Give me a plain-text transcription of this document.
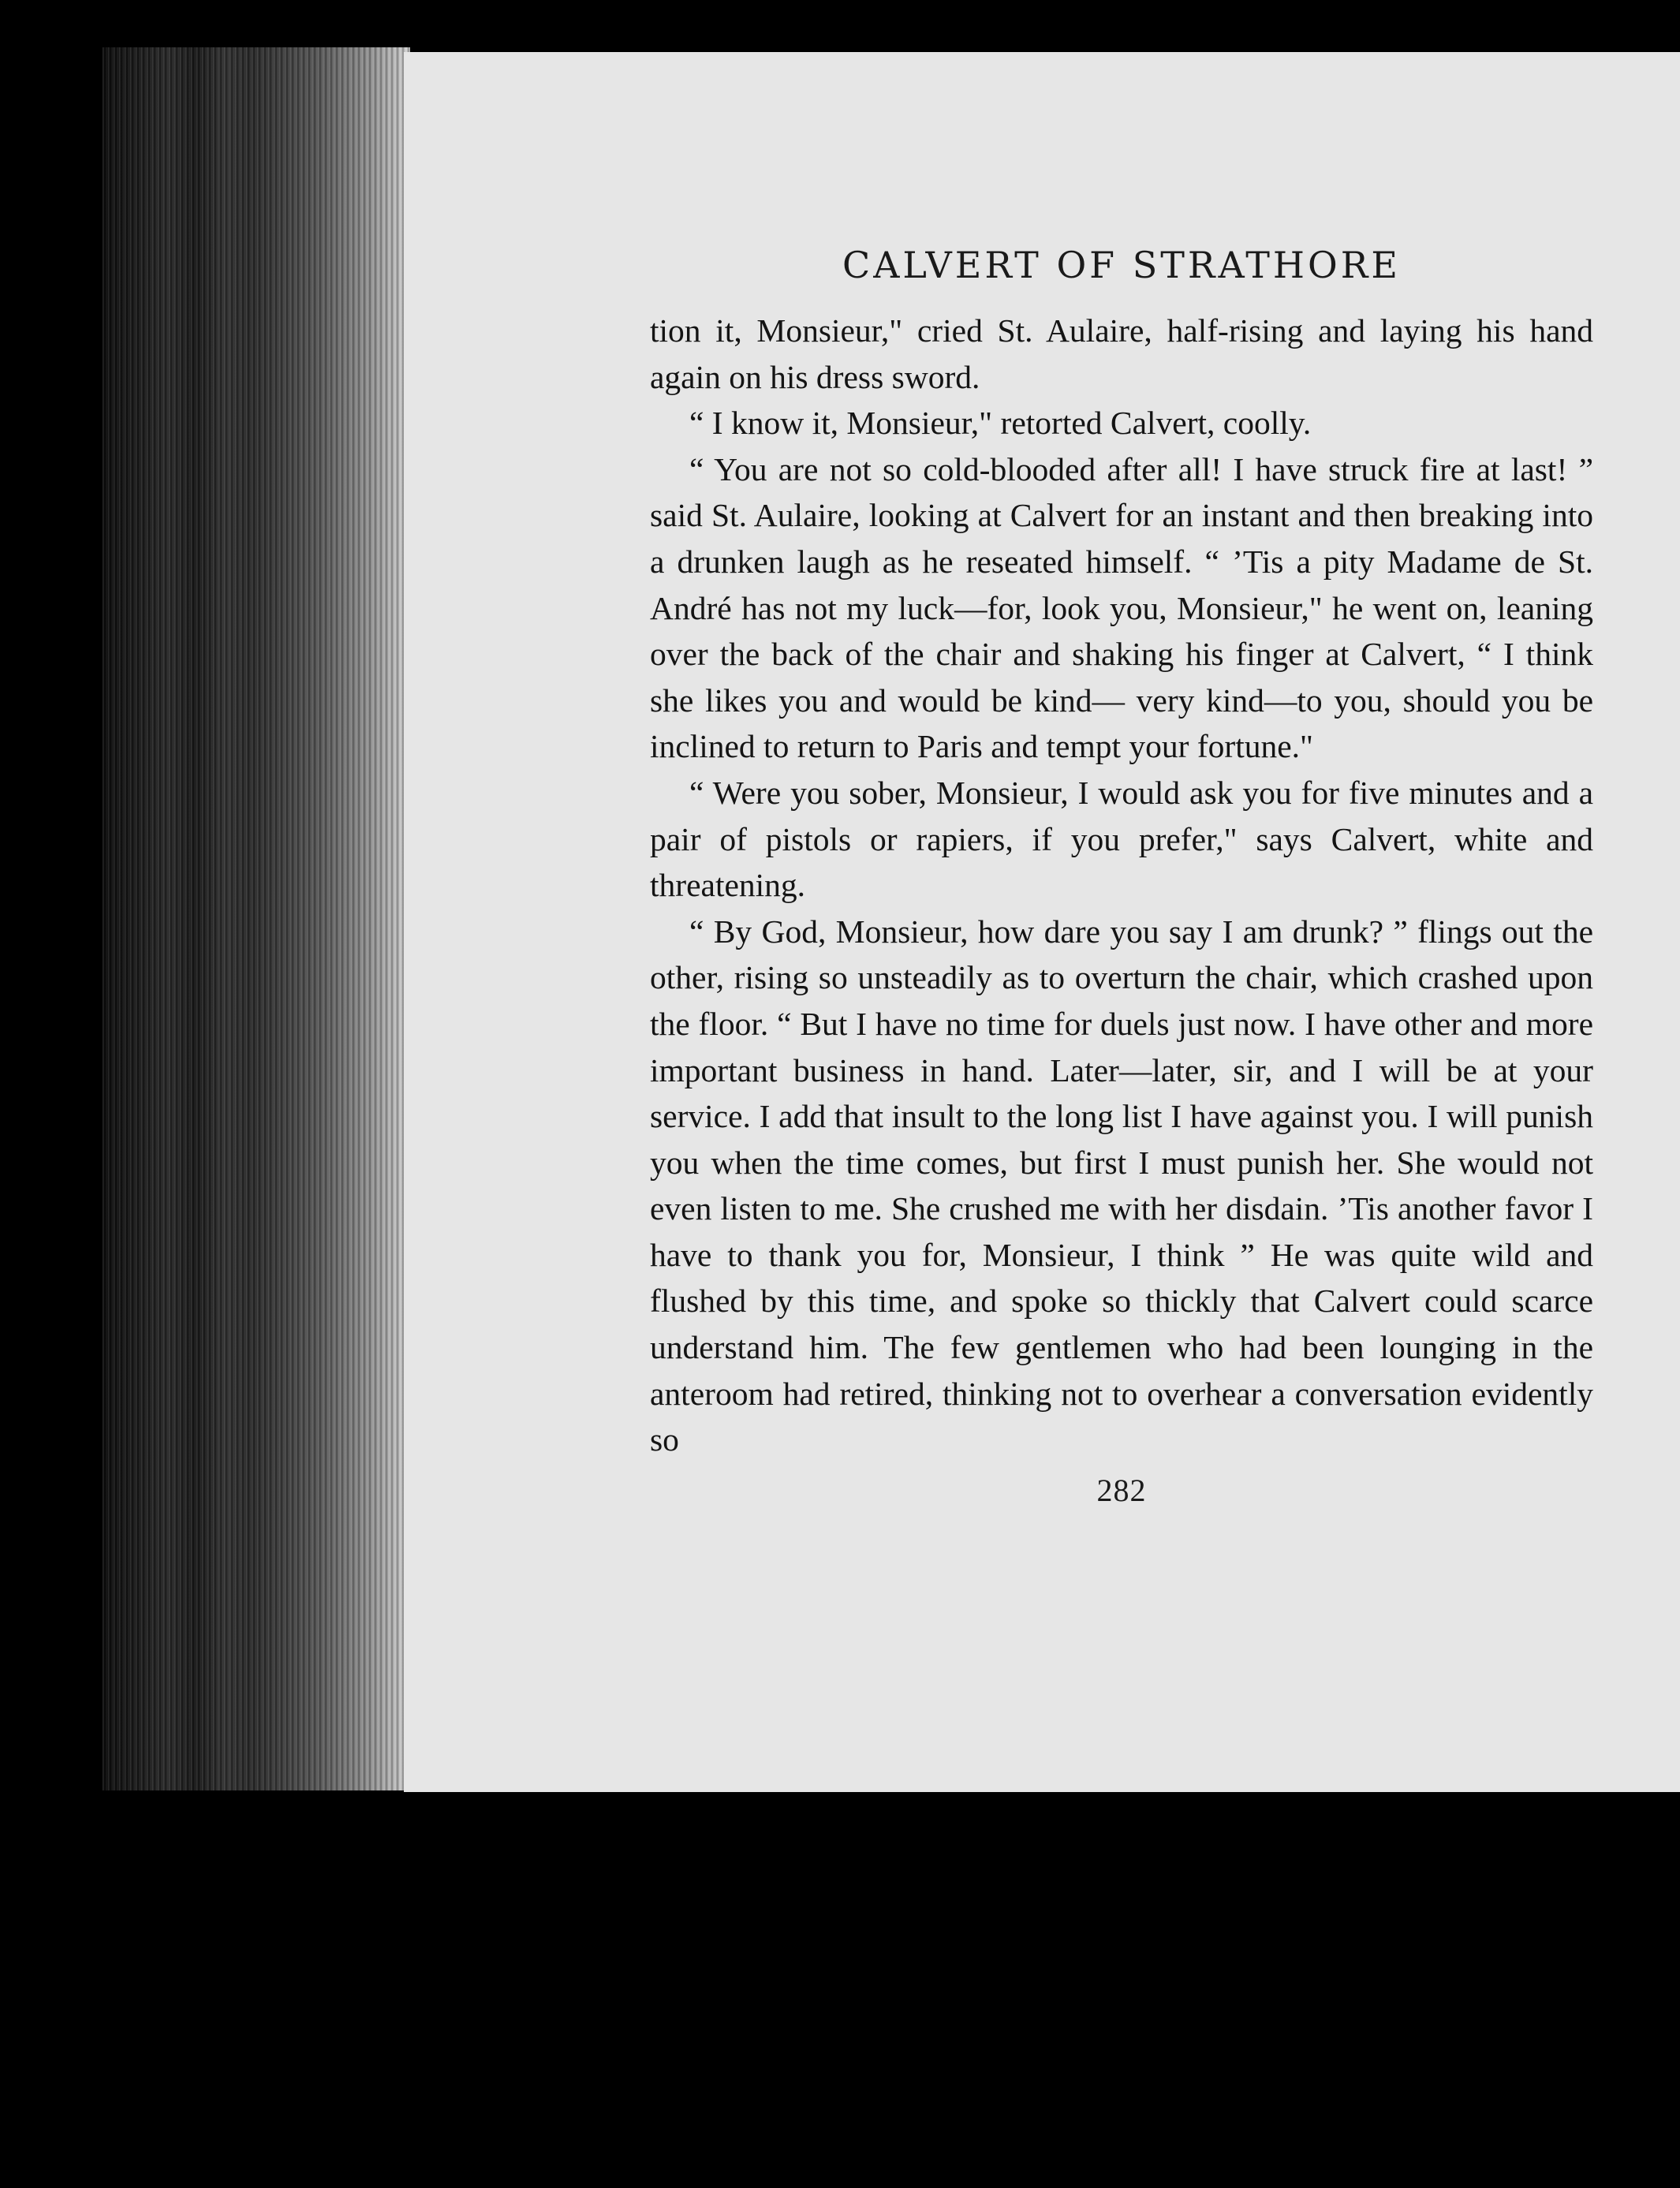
CALVERT OF STRATHORE

tion it, Monsieur," cried St. Aulaire, half-rising and laying his hand again on his dress sword.

“ I know it, Monsieur," retorted Calvert, coolly.

“ You are not so cold-blooded after all! I have struck fire at last! ” said St. Aulaire, looking at Calvert for an instant and then breaking into a drunken laugh as he reseated himself. “ ’Tis a pity Madame de St. André has not my luck—for, look you, Monsieur," he went on, leaning over the back of the chair and shaking his finger at Calvert, “ I think she likes you and would be kind— very kind—to you, should you be inclined to return to Paris and tempt your fortune."

“ Were you sober, Monsieur, I would ask you for five minutes and a pair of pistols or rapiers, if you prefer," says Calvert, white and threatening.

“ By God, Monsieur, how dare you say I am drunk? ” flings out the other, rising so unsteadily as to overturn the chair, which crashed upon the floor. “ But I have no time for duels just now. I have other and more important business in hand. Later—later, sir, and I will be at your service. I add that insult to the long list I have against you. I will punish you when the time comes, but first I must punish her. She would not even listen to me. She crushed me with her disdain. ’Tis another favor I have to thank you for, Monsieur, I think ” He was quite wild and flushed by this time, and spoke so thickly that Calvert could scarce understand him. The few gentlemen who had been lounging in the anteroom had retired, thinking not to overhear a conversation evidently so

282
